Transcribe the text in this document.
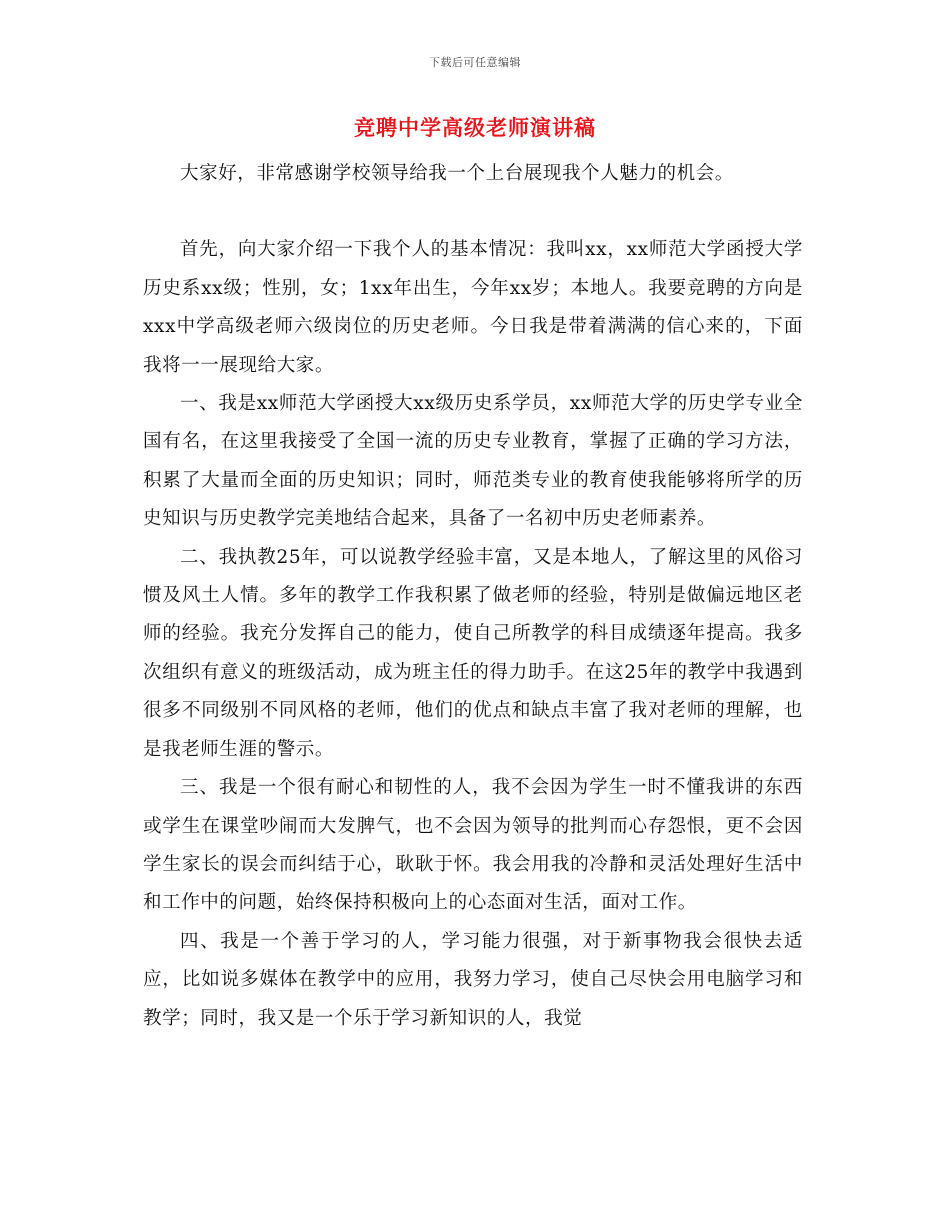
下载后可任意编辑
竞聘中学高级老师演讲稿

大家好，非常感谢学校领导给我一个上台展现我个人魅力的机会。

首先，向大家介绍一下我个人的基本情况：我叫xx，xx师范大学函授大学历史系xx级；性别，女；1xx年出生，今年xx岁；本地人。我要竞聘的方向是xxx中学高级老师六级岗位的历史老师。今日我是带着满满的信心来的，下面我将一一展现给大家。

一、我是xx师范大学函授大xx级历史系学员，xx师范大学的历史学专业全国有名，在这里我接受了全国一流的历史专业教育，掌握了正确的学习方法，积累了大量而全面的历史知识；同时，师范类专业的教育使我能够将所学的历史知识与历史教学完美地结合起来，具备了一名初中历史老师素养。

二、我执教25年，可以说教学经验丰富，又是本地人，了解这里的风俗习惯及风土人情。多年的教学工作我积累了做老师的经验，特别是做偏远地区老师的经验。我充分发挥自己的能力，使自己所教学的科目成绩逐年提高。我多次组织有意义的班级活动，成为班主任的得力助手。在这25年的教学中我遇到很多不同级别不同风格的老师，他们的优点和缺点丰富了我对老师的理解，也是我老师生涯的警示。

三、我是一个很有耐心和韧性的人，我不会因为学生一时不懂我讲的东西或学生在课堂吵闹而大发脾气，也不会因为领导的批判而心存怨恨，更不会因学生家长的误会而纠结于心，耿耿于怀。我会用我的冷静和灵活处理好生活中和工作中的问题，始终保持积极向上的心态面对生活，面对工作。

四、我是一个善于学习的人，学习能力很强，对于新事物我会很快去适应，比如说多媒体在教学中的应用，我努力学习，使自己尽快会用电脑学习和教学；同时，我又是一个乐于学习新知识的人，我觉
